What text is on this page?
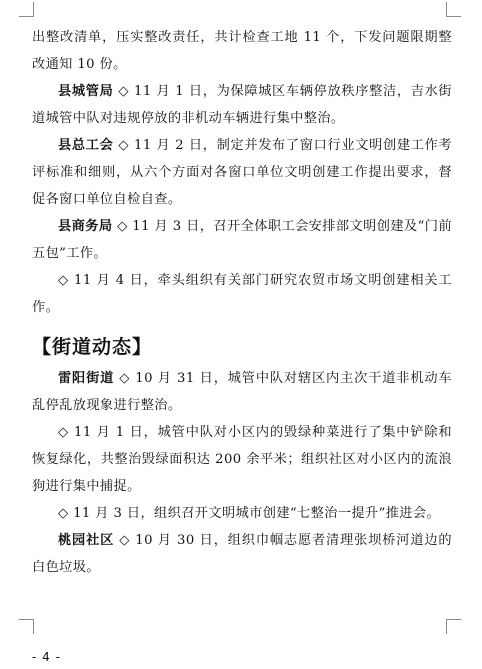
出整改清单，压实整改责任，共计检查工地 11 个，下发问题限期整改通知 10 份。

县城管局 ◇ 11 月 1 日，为保障城区车辆停放秩序整洁，吉水街道城管中队对违规停放的非机动车辆进行集中整治。

县总工会 ◇ 11 月 2 日，制定并发布了窗口行业文明创建工作考评标准和细则，从六个方面对各窗口单位文明创建工作提出要求，督促各窗口单位自检自查。

县商务局 ◇ 11 月 3 日，召开全体职工会安排部文明创建及“门前五包”工作。

◇ 11 月 4 日，牵头组织有关部门研究农贸市场文明创建相关工作。

【街道动态】

雷阳街道 ◇ 10 月 31 日，城管中队对辖区内主次干道非机动车乱停乱放现象进行整治。

◇ 11 月 1 日，城管中队对小区内的毁绿种菜进行了集中铲除和恢复绿化，共整治毁绿面积达 200 余平米；组织社区对小区内的流浪狗进行集中捕捉。

◇ 11 月 3 日，组织召开文明城市创建“七整治一提升”推进会。

桃园社区 ◇ 10 月 30 日，组织巾帼志愿者清理张坝桥河道边的白色垃圾。

- 4 -
